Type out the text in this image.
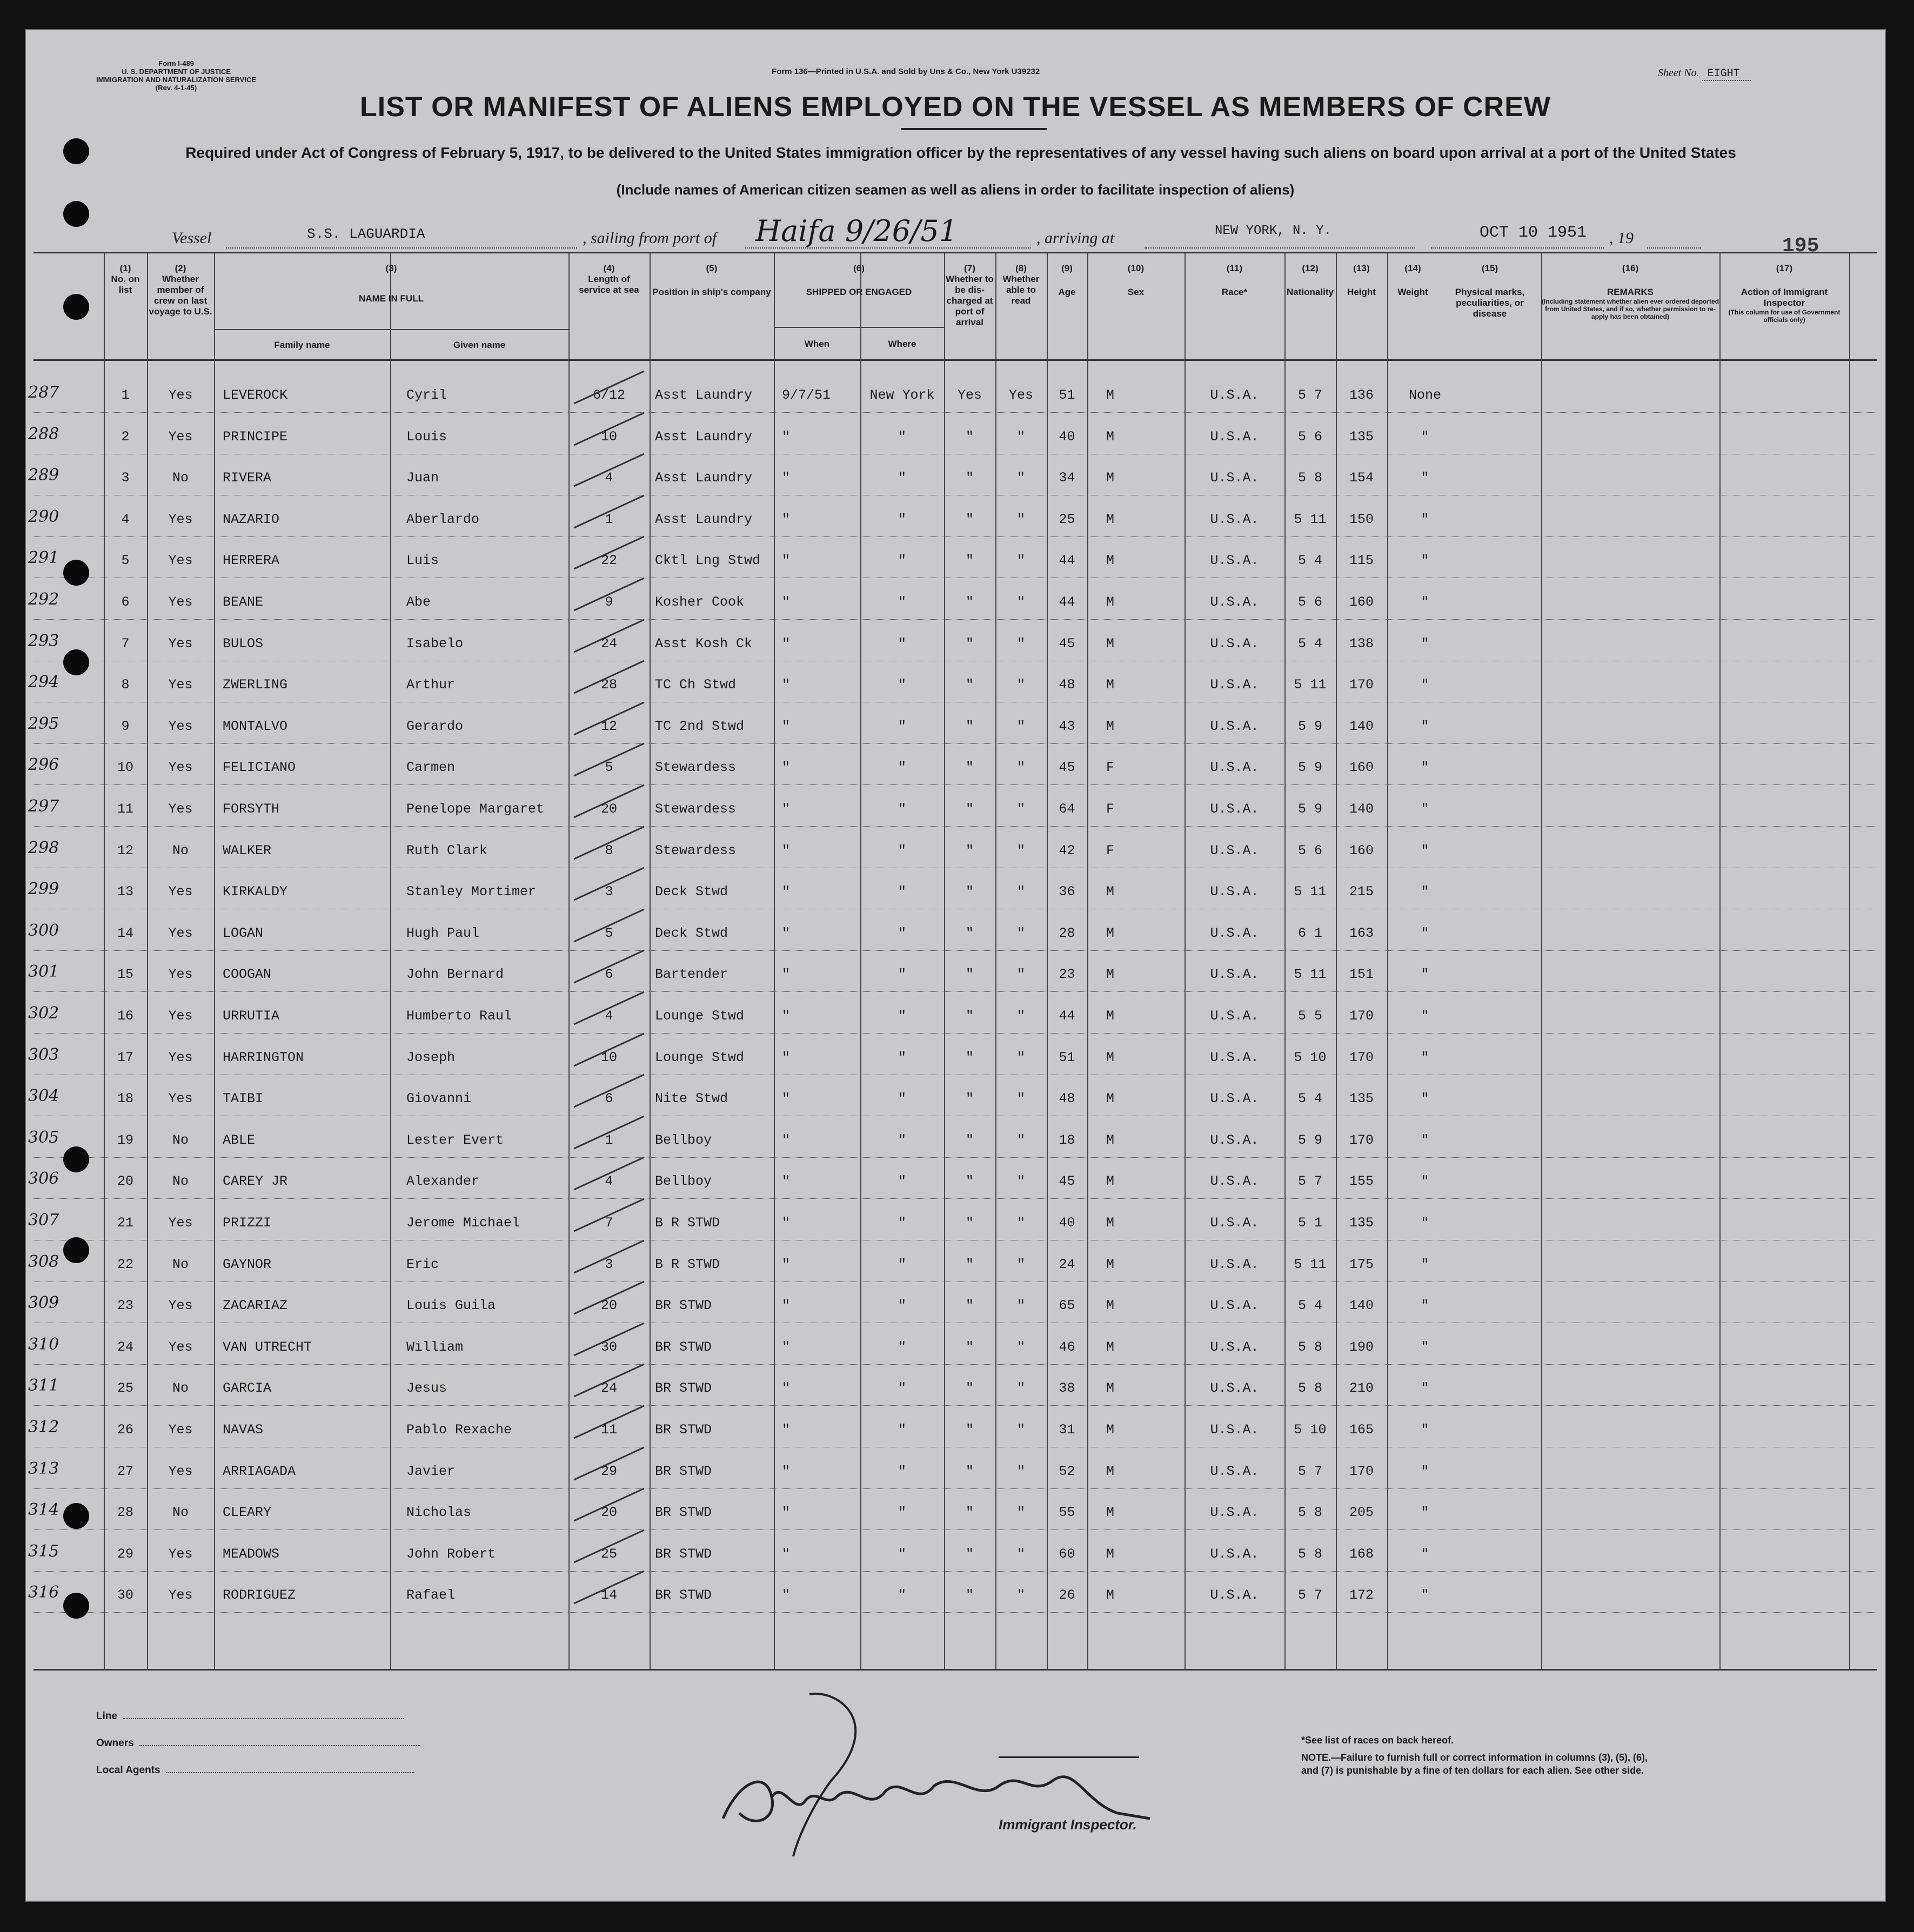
Form I-489
U. S. DEPARTMENT OF JUSTICE
IMMIGRATION AND NATURALIZATION SERVICE
(Rev. 4-1-45)
Form 136—Printed in U.S.A. and Sold by Uns & Co., New York U39232	Sheet No. EIGHT
LIST OR MANIFEST OF ALIENS EMPLOYED ON THE VESSEL AS MEMBERS OF CREW
Required under Act of Congress of February 5, 1917, to be delivered to the United States immigration officer by the representatives of any vessel having such aliens on board upon arrival at a port of the United States
(Include names of American citizen seamen as well as aliens in order to facilitate inspection of aliens)
Vessel	S.S. LAGUARDIA	, sailing from port of Haifa 9/26/51	, arriving at	NEW YORK, N. Y.	OCT 10 1951 , 19	195
(1)
No. on list
(2)
Whether member of crew on last voyage to U.S.
(3)
NAME IN FULL
Family name	Given name
(4)
Length of service at sea
(5)
Position in ship's company
(6)
SHIPPED OR ENGAGED
When	Where
(7)
Whether to be dis-charged at port of arrival
(8)
Whether able to read
(9)
Age
(10)
Sex
(11)
Race*
(12)
Nationality
(13)
Height
(14)
Weight
(15)
Physical marks, peculiarities, or disease
(16)
REMARKS
(Including statement whether alien ever ordered deported from United States, and if so, whether permission to re-apply has been obtained)
(17)
Action of Immigrant Inspector
(This column for use of Government officials only)
287	1	Yes	LEVEROCK	Cyril	6/12	Asst Laundry	9/7/51	New York	Yes	Yes	51	M	U.S.A.	5 7	136	None
288	2	Yes	PRINCIPE	Louis	10	Asst Laundry	"	"	"	"	40	M	U.S.A.	5 6	135	"
289	3	No	RIVERA	Juan	4	Asst Laundry	"	"	"	"	34	M	U.S.A.	5 8	154	"
290	4	Yes	NAZARIO	Aberlardo	1	Asst Laundry	"	"	"	"	25	M	U.S.A.	5 11	150	"
291	5	Yes	HERRERA	Luis	22	Cktl Lng Stwd	"	"	"	"	44	M	U.S.A.	5 4	115	"
292	6	Yes	BEANE	Abe	9	Kosher Cook	"	"	"	"	44	M	U.S.A.	5 6	160	"
293	7	Yes	BULOS	Isabelo	24	Asst Kosh Ck	"	"	"	"	45	M	U.S.A.	5 4	138	"
294	8	Yes	ZWERLING	Arthur	28	TC Ch Stwd	"	"	"	"	48	M	U.S.A.	5 11	170	"
295	9	Yes	MONTALVO	Gerardo	12	TC 2nd Stwd	"	"	"	"	43	M	U.S.A.	5 9	140	"
296	10	Yes	FELICIANO	Carmen	5	Stewardess	"	"	"	"	45	F	U.S.A.	5 9	160	"
297	11	Yes	FORSYTH	Penelope Margaret	20	Stewardess	"	"	"	"	64	F	U.S.A.	5 9	140	"
298	12	No	WALKER	Ruth Clark	8	Stewardess	"	"	"	"	42	F	U.S.A.	5 6	160	"
299	13	Yes	KIRKALDY	Stanley Mortimer	3	Deck Stwd	"	"	"	"	36	M	U.S.A.	5 11	215	"
300	14	Yes	LOGAN	Hugh Paul	5	Deck Stwd	"	"	"	"	28	M	U.S.A.	6 1	163	"
301	15	Yes	COOGAN	John Bernard	6	Bartender	"	"	"	"	23	M	U.S.A.	5 11	151	"
302	16	Yes	URRUTIA	Humberto Raul	4	Lounge Stwd	"	"	"	"	44	M	U.S.A.	5 5	170	"
303	17	Yes	HARRINGTON	Joseph	10	Lounge Stwd	"	"	"	"	51	M	U.S.A.	5 10	170	"
304	18	Yes	TAIBI	Giovanni	6	Nite Stwd	"	"	"	"	48	M	U.S.A.	5 4	135	"
305	19	No	ABLE	Lester Evert	1	Bellboy	"	"	"	"	18	M	U.S.A.	5 9	170	"
306	20	No	CAREY JR	Alexander	4	Bellboy	"	"	"	"	45	M	U.S.A.	5 7	155	"
307	21	Yes	PRIZZI	Jerome Michael	7	B R STWD	"	"	"	"	40	M	U.S.A.	5 1	135	"
308	22	No	GAYNOR	Eric	3	B R STWD	"	"	"	"	24	M	U.S.A.	5 11	175	"
309	23	Yes	ZACARIAZ	Louis Guila	20	BR STWD	"	"	"	"	65	M	U.S.A.	5 4	140	"
310	24	Yes	VAN UTRECHT	William	30	BR STWD	"	"	"	"	46	M	U.S.A.	5 8	190	"
311	25	No	GARCIA	Jesus	24	BR STWD	"	"	"	"	38	M	U.S.A.	5 8	210	"
312	26	Yes	NAVAS	Pablo Rexache	11	BR STWD	"	"	"	"	31	M	U.S.A.	5 10	165	"
313	27	Yes	ARRIAGADA	Javier	29	BR STWD	"	"	"	"	52	M	U.S.A.	5 7	170	"
314	28	No	CLEARY	Nicholas	20	BR STWD	"	"	"	"	55	M	U.S.A.	5 8	205	"
315	29	Yes	MEADOWS	John Robert	25	BR STWD	"	"	"	"	60	M	U.S.A.	5 8	168	"
316	30	Yes	RODRIGUEZ	Rafael	14	BR STWD	"	"	"	"	26	M	U.S.A.	5 7	172	"
Line
Owners
Local Agents
Immigrant Inspector.
AW Muurgaard
*See list of races on back hereof.
NOTE.—Failure to furnish full or correct information in columns (3), (5), (6), and (7) is punishable by a fine of ten dollars for each alien. See other side.
